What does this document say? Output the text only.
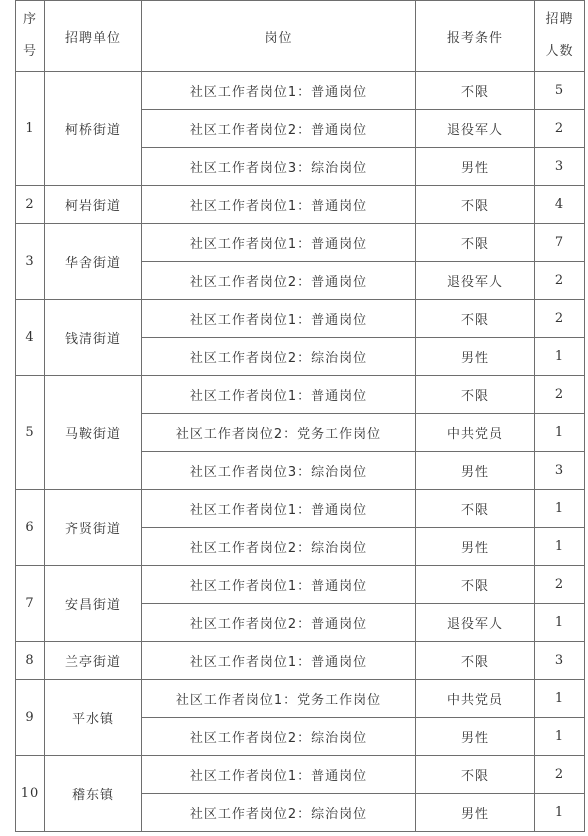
序
号	招聘单位	岗位	报考条件	招聘
人数

1	柯桥街道	社区工作者岗位1：普通岗位	不限	5
		社区工作者岗位2：普通岗位	退役军人	2
		社区工作者岗位3：综治岗位	男性	3
2	柯岩街道	社区工作者岗位1：普通岗位	不限	4
3	华舍街道	社区工作者岗位1：普通岗位	不限	7
		社区工作者岗位2：普通岗位	退役军人	2
4	钱清街道	社区工作者岗位1：普通岗位	不限	2
		社区工作者岗位2：综治岗位	男性	1
5	马鞍街道	社区工作者岗位1：普通岗位	不限	2
		社区工作者岗位2：党务工作岗位	中共党员	1
		社区工作者岗位3：综治岗位	男性	3
6	齐贤街道	社区工作者岗位1：普通岗位	不限	1
		社区工作者岗位2：综治岗位	男性	1
7	安昌街道	社区工作者岗位1：普通岗位	不限	2
		社区工作者岗位2：普通岗位	退役军人	1
8	兰亭街道	社区工作者岗位1：普通岗位	不限	3
9	平水镇	社区工作者岗位1：党务工作岗位	中共党员	1
		社区工作者岗位2：综治岗位	男性	1
10	稽东镇	社区工作者岗位1：普通岗位	不限	2
		社区工作者岗位2：综治岗位	男性	1
